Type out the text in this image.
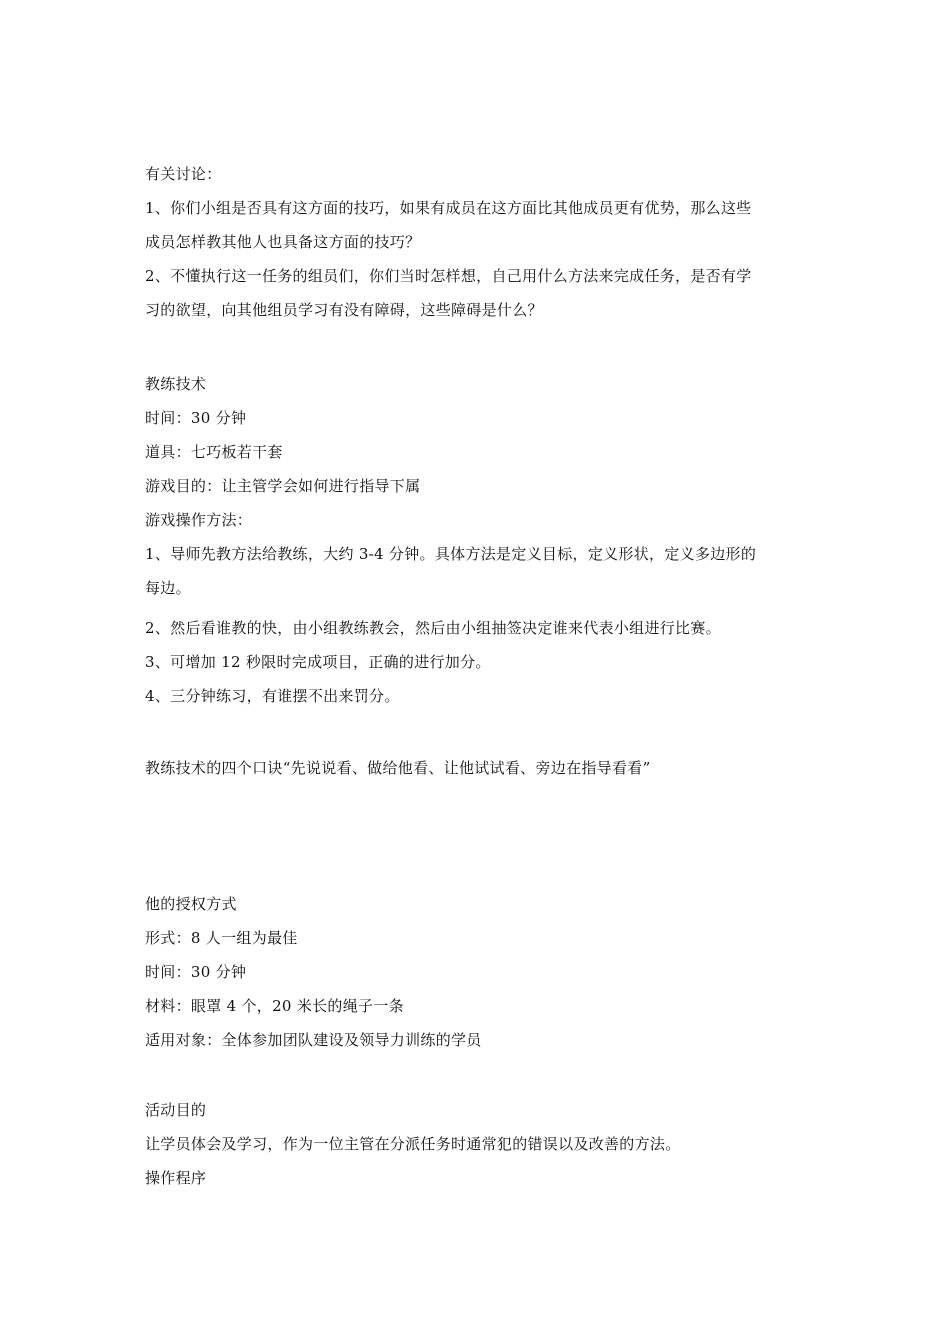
有关讨论：
1、你们小组是否具有这方面的技巧，如果有成员在这方面比其他成员更有优势，那么这些
成员怎样教其他人也具备这方面的技巧？
2、不懂执行这一任务的组员们，你们当时怎样想，自己用什么方法来完成任务，是否有学
习的欲望，向其他组员学习有没有障碍，这些障碍是什么？
教练技术
时间：30 分钟
道具：七巧板若干套
游戏目的：让主管学会如何进行指导下属
游戏操作方法：
1、导师先教方法给教练，大约 3-4 分钟。具体方法是定义目标，定义形状，定义多边形的
每边。
2、然后看谁教的快，由小组教练教会，然后由小组抽签决定谁来代表小组进行比赛。
3、可增加 12 秒限时完成项目，正确的进行加分。
4、三分钟练习，有谁摆不出来罚分。
教练技术的四个口诀“先说说看、做给他看、让他试试看、旁边在指导看看”
他的授权方式
形式：8 人一组为最佳
时间：30 分钟
材料：眼罩 4 个，20 米长的绳子一条
适用对象：全体参加团队建设及领导力训练的学员
活动目的
让学员体会及学习，作为一位主管在分派任务时通常犯的错误以及改善的方法。
操作程序
